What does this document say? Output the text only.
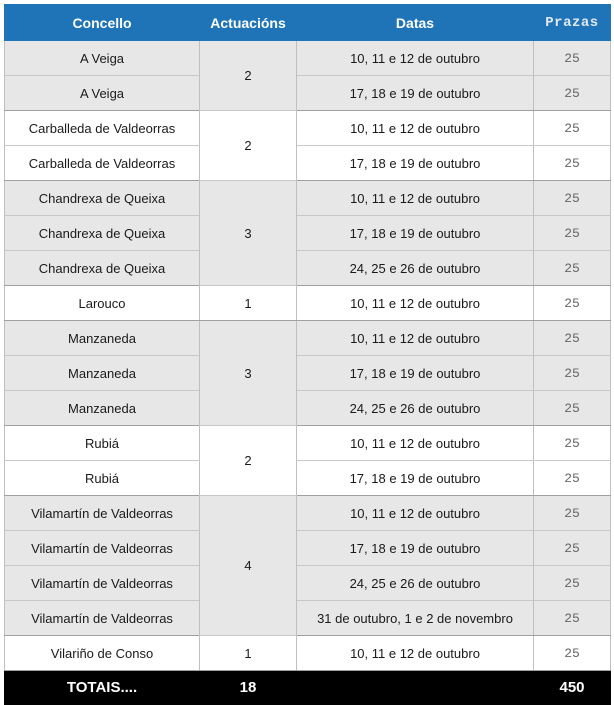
Concello	Actuacións	Datas	Prazas
A Veiga	2	10, 11 e 12 de outubro	25
A Veiga		17, 18 e 19 de outubro	25
Carballeda de Valdeorras	2	10, 11 e 12 de outubro	25
Carballeda de Valdeorras		17, 18 e 19 de outubro	25
Chandrexa de Queixa	3	10, 11 e 12 de outubro	25
Chandrexa de Queixa		17, 18 e 19 de outubro	25
Chandrexa de Queixa		24, 25 e 26 de outubro	25
Larouco	1	10, 11 e 12 de outubro	25
Manzaneda	3	10, 11 e 12 de outubro	25
Manzaneda		17, 18 e 19 de outubro	25
Manzaneda		24, 25 e 26 de outubro	25
Rubiá	2	10, 11 e 12 de outubro	25
Rubiá		17, 18 e 19 de outubro	25
Vilamartín de Valdeorras	4	10, 11 e 12 de outubro	25
Vilamartín de Valdeorras		17, 18 e 19 de outubro	25
Vilamartín de Valdeorras		24, 25 e 26 de outubro	25
Vilamartín de Valdeorras		31 de outubro, 1 e 2 de novembro	25
Vilariño de Conso	1	10, 11 e 12 de outubro	25
TOTAIS....	18		450
